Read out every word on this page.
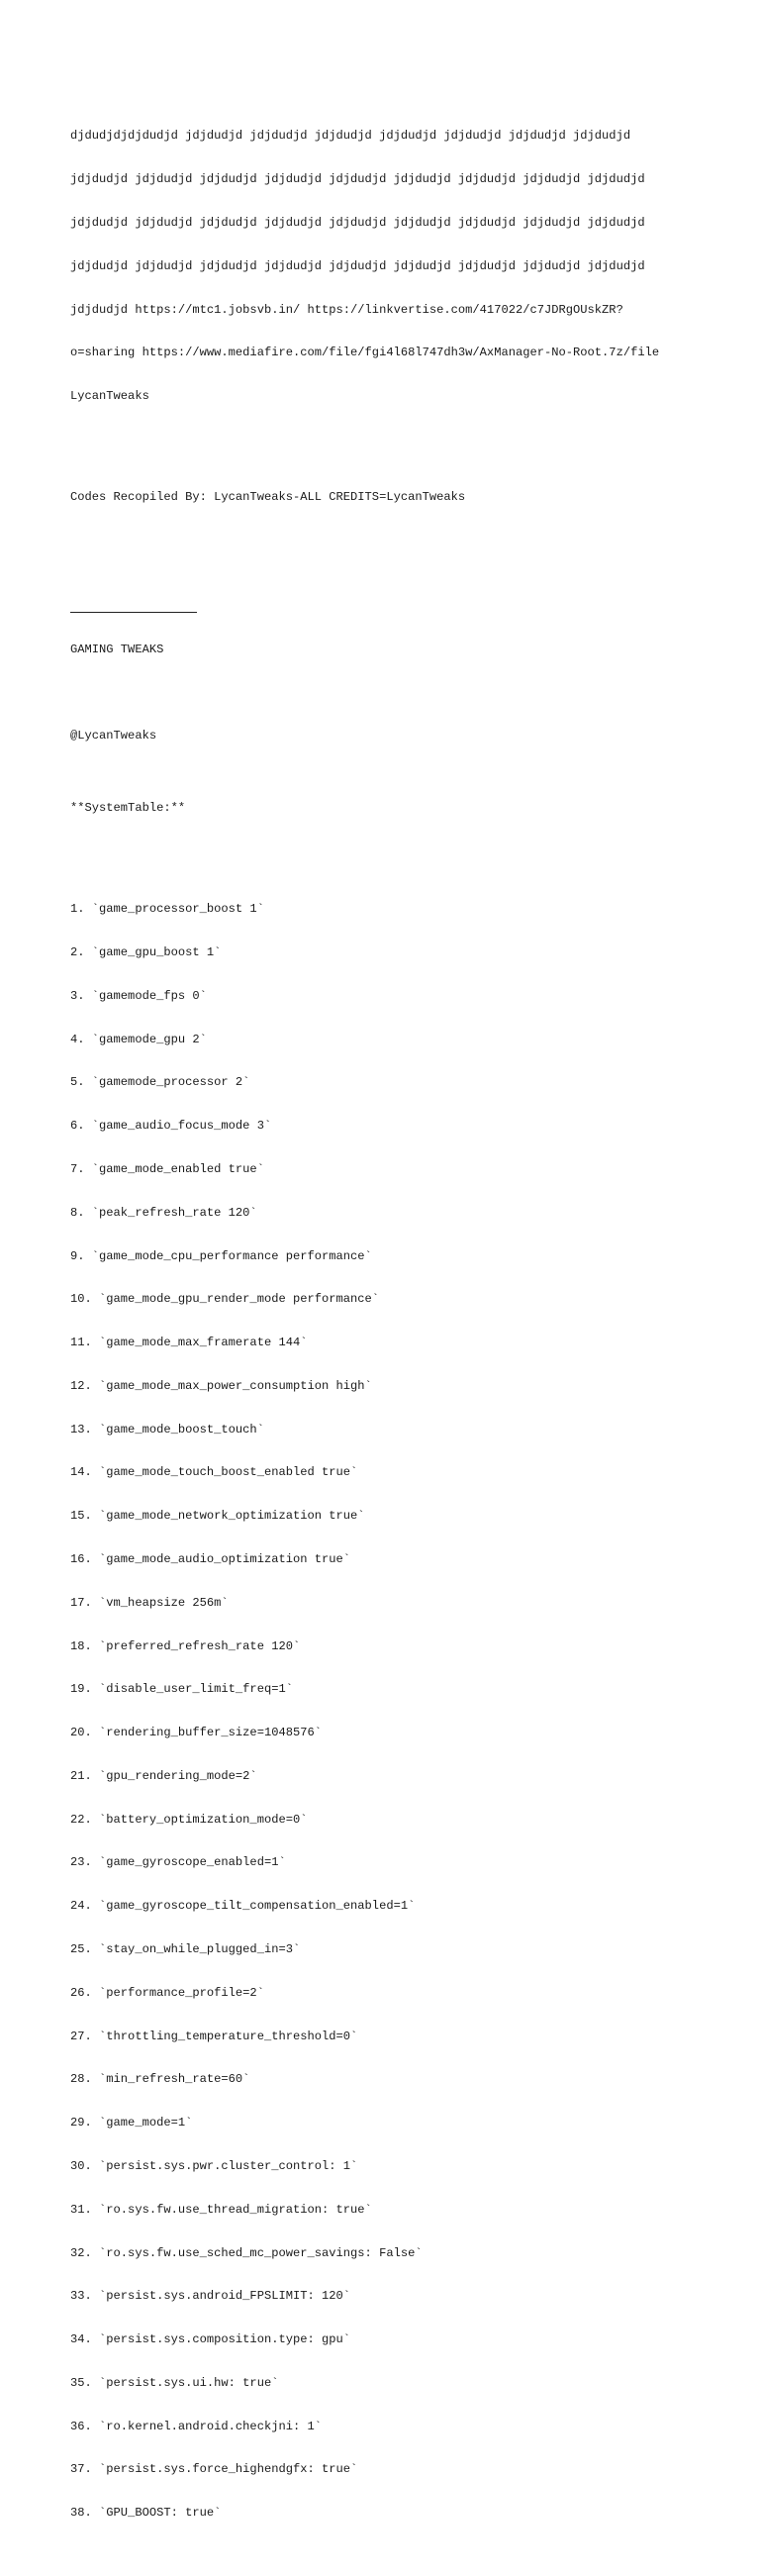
djdudjdjdjdudjd jdjdudjd jdjdudjd jdjdudjd jdjdudjd jdjdudjd jdjdudjd jdjdudjd

jdjdudjd jdjdudjd jdjdudjd jdjdudjd jdjdudjd jdjdudjd jdjdudjd jdjdudjd jdjdudjd

jdjdudjd jdjdudjd jdjdudjd jdjdudjd jdjdudjd jdjdudjd jdjdudjd jdjdudjd jdjdudjd

jdjdudjd jdjdudjd jdjdudjd jdjdudjd jdjdudjd jdjdudjd jdjdudjd jdjdudjd jdjdudjd

jdjdudjd https://mtc1.jobsvb.in/ https://linkvertise.com/417022/c7JDRgOUskZR?

o=sharing https://www.mediafire.com/file/fgi4l68l747dh3w/AxManager-No-Root.7z/file

LycanTweaks

Codes Recopiled By: LycanTweaks-ALL CREDITS=LycanTweaks

GAMING TWEAKS

@LycanTweaks

**SystemTable:**

1. `game_processor_boost 1`

2. `game_gpu_boost 1`

3. `gamemode_fps 0`

4. `gamemode_gpu 2`

5. `gamemode_processor 2`

6. `game_audio_focus_mode 3`

7. `game_mode_enabled true`

8. `peak_refresh_rate 120`

9. `game_mode_cpu_performance performance`

10. `game_mode_gpu_render_mode performance`

11. `game_mode_max_framerate 144`

12. `game_mode_max_power_consumption high`

13. `game_mode_boost_touch`

14. `game_mode_touch_boost_enabled true`

15. `game_mode_network_optimization true`

16. `game_mode_audio_optimization true`

17. `vm_heapsize 256m`

18. `preferred_refresh_rate 120`

19. `disable_user_limit_freq=1`

20. `rendering_buffer_size=1048576`

21. `gpu_rendering_mode=2`

22. `battery_optimization_mode=0`

23. `game_gyroscope_enabled=1`

24. `game_gyroscope_tilt_compensation_enabled=1`

25. `stay_on_while_plugged_in=3`

26. `performance_profile=2`

27. `throttling_temperature_threshold=0`

28. `min_refresh_rate=60`

29. `game_mode=1`

30. `persist.sys.pwr.cluster_control: 1`

31. `ro.sys.fw.use_thread_migration: true`

32. `ro.sys.fw.use_sched_mc_power_savings: False`

33. `persist.sys.android_FPSLIMIT: 120`

34. `persist.sys.composition.type: gpu`

35. `persist.sys.ui.hw: true`

36. `ro.kernel.android.checkjni: 1`

37. `persist.sys.force_highendgfx: true`

38. `GPU_BOOST: true`
